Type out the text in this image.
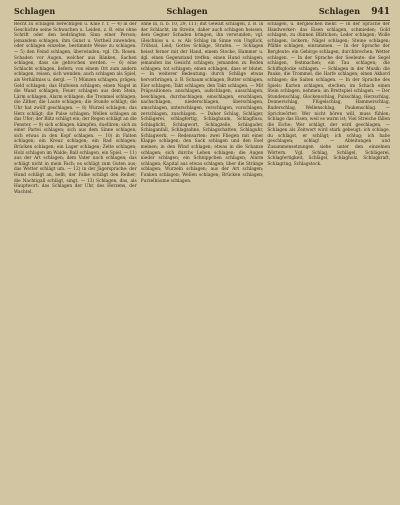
Schlagen	Schlagen	Schlagen 941

Recht zu schlagen berechtigen u. Knie r. r. — 4) in der Geschichte seine Schwachen u. Leiden, z. B. eins ohne Schrift oder den bedrängten Sinn einer Person; jemandem schlagen, ihm Gunst u. Vortheil zuwenden, oder schlagen einzelne, bestimmte Weise zu schlagen. — 5) den Feind schlagen, überwinden; vgl. Ch. Rosen. Schaden vor Augen, welcher aus Bänken, Sachen schlagen, dass sie gebrochen werden. — 6) eine Schlacht schlagen, liefern; von einem Ort zum andern schlagen, reisen, sich wenden; auch schlagen als Spiel, als Verhältniss u. dergl. — 7) Münzen schlagen, prägen; Geld schlagen; das Hufeisen schlagen; einen Nagel in die Wand schlagen; Feuer schlagen aus dem Stein; Lärm schlagen, Alarm schlagen; die Trommel schlagen; die Zither, die Laute schlagen; die Stunde schlägt; die Uhr hat zwölf geschlagen. — 8) Wurzel schlagen; das Herz schlägt; die Pulse schlagen; Wellen schlagen an das Ufer; der Blitz schlägt ein; der Regen schlägt an die Fenster. — 9) sich schlagen, kämpfen, duelliren; sich zu einer Partei schlagen; sich aus dem Sinne schlagen; sich etwas in den Kopf schlagen. — 10) in Falten schlagen; ein Kreuz schlagen; ein Rad schlagen; Brücken schlagen; ein Lager schlagen; Zelte schlagen; Holz schlagen im Walde; Ball schlagen, ein Spiel. — 11) aus der Art schlagen; dem Vater nach schlagen; das schlägt nicht in mein Fach; es schlägt zum Guten aus; das Wetter schlägt um. — 12) in der Jägersprache: der Hund schlägt an, bellt; der Falke schlägt den Reiher; die Nachtigall schlägt, singt. — 13) Schlagen, das, als Hauptwort: das Schlagen der Uhr, des Herzens, der Wachtel.

ohne in, n. b. 10, 29, 111; mit Gewalt schlagen, z. B. in der Schlacht, im Streite, daher auch schlagen heissen, dem Gegner Schaden bringen, ihn verwunden; vgl. Gleichniss u. s. w. Als Schlag im Sinne von Unglück, Trübsal, Leid; Gottes Schläge, Strafen. — Schlagen heisst ferner mit der Hand, einem Stocke, Hammer u. dgl. einen Gegenstand treffen; einen Hund schlagen; jemanden ins Gesicht schlagen; jemanden zu Boden schlagen; tot schlagen; einen schlagen, dass er blutet. — In weiterer Bedeutung: durch Schläge etwas hervorbringen, z. B. Schaum schlagen, Butter schlagen, Eier schlagen; Takt schlagen; den Takt schlagen. — Mit Präpositionen: anschlagen, aufschlagen, ausschlagen, beschlagen, durchschlagen, einschlagen, erschlagen, nachschlagen, niederschlagen, überschlagen, umschlagen, unterschlagen, verschlagen, vorschlagen, zerschlagen, zuschlagen. — Daher Schlag, Schläger, Schlägerei, schlagfertig, Schlagbaum, Schlagfluss, Schlaglicht, Schlagwort, Schlagzeile, Schlagader, Schlaganfall, Schlagsahne, Schlagschatten, Schlaguhr, Schlagwerk. — Redensarten: zwei Fliegen mit einer Klappe schlagen; den Sack schlagen und den Esel meinen; in den Wind schlagen; etwas in die Schanze schlagen; sich durchs Leben schlagen; die Augen nieder schlagen; ein Schnippchen schlagen; Alarm schlagen; Kapital aus etwas schlagen; über die Stränge schlagen; Wurzeln schlagen; aus der Art schlagen; Funken schlagen; Wellen schlagen; Brücken schlagen; Purzelbäume schlagen.

schlagen, u. dergleichen mehr. — In der Sprache der Handwerker: das Eisen schlagen, schmieden; Gold schlagen, zu dünnen Blättchen; Leder schlagen; Wolle schlagen, lockern; Nägel schlagen; Steine schlagen; Pfähle schlagen, einrammen. — In der Sprache der Bergleute: ein Gebirge schlagen, durchbrechen; Wetter schlagen. — In der Sprache der Seeleute: die Segel schlagen, festmachen; ein Tau schlagen; die Schiffsglocke schlagen. — Schlagen in der Musik: die Pauke, die Trommel, die Harfe schlagen; einen Akkord schlagen; die Saiten schlagen. — In der Sprache des Spiels: Karten schlagen, stechen; im Schach einen Stein schlagen, nehmen; im Brettspiel schlagen. — Der Stundenschlag, Glockenschlag, Pulsschlag, Herzschlag, Donnerschlag, Flügelschlag, Hammerschlag, Ruderschlag, Wellenschlag, Paukenschlag. — Sprichwörter: Wer nicht hören will, muss fühlen; Schlage das Eisen, weil es warm ist; Viel Streiche fällen die Eiche; Wer schlägt, der wird geschlagen. — Schlagen als Zeitwort wird stark gebeugt: ich schlage, du schlägst, er schlägt; ich schlug; ich habe geschlagen; schlag! — Ableitungen und Zusammensetzungen siehe unter den einzelnen Wörtern. Vgl. Schlag, Schlägel, Schlägerei, Schlagfertigkeit, Schlägel, Schlagholz, Schlagkraft, Schlagring, Schlagstock.
